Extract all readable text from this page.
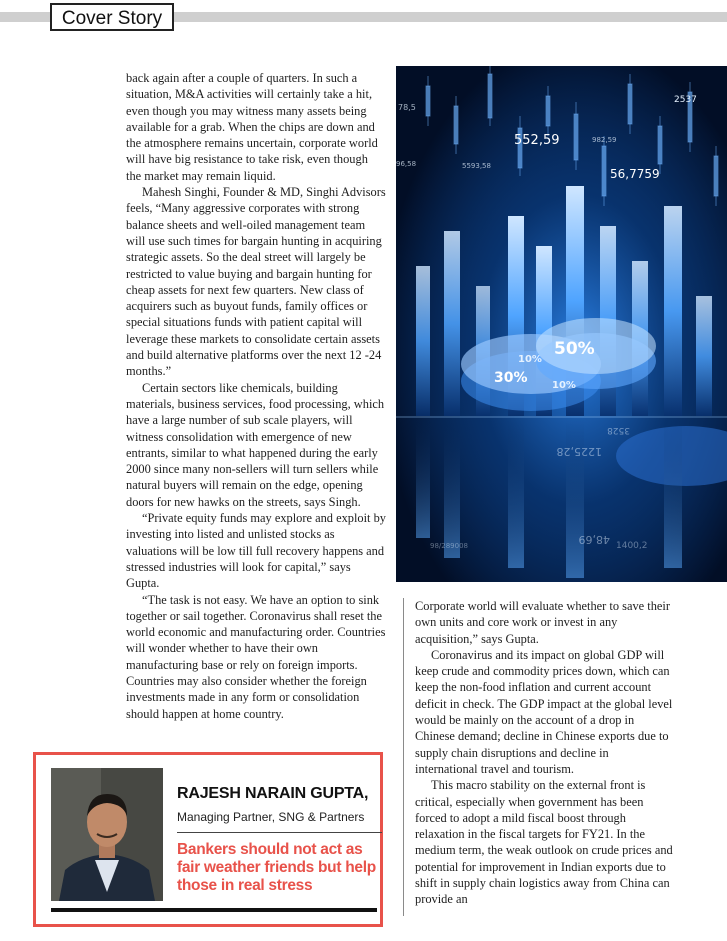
Cover Story

back again after a couple of quarters. In such a situation, M&A activities will certainly take a hit, even though you may witness many assets being available for a grab. When the chips are down and the atmosphere remains uncertain, corporate world will have big resistance to take risk, even though the market may remain liquid.

Mahesh Singhi, Founder & MD, Singhi Advisors feels, “Many aggressive corporates with strong balance sheets and well-oiled management team will use such times for bargain hunting in acquiring strategic assets. So the deal street will largely be restricted to value buying and bargain hunting for cheap assets for next few quarters. New class of acquirers such as buyout funds, family offices or special situations funds with patient capital will leverage these markets to consolidate certain assets and build alternative platforms over the next 12 -24 months.”

Certain sectors like chemicals, building materials, business services, food processing, which have a large number of sub scale players, will witness consolidation with emergence of new entrants, similar to what happened during the early 2000 since many non-sellers will turn sellers while natural buyers will remain on the edge, opening doors for new hawks on the streets, says Singh.

“Private equity funds may explore and exploit by investing into listed and unlisted stocks as valuations will be low till full recovery happens and stressed industries will look for capital,” says Gupta.

“The task is not easy. We have an option to sink together or sail together. Coronavirus shall reset the world economic and manufacturing order. Countries will wonder whether to have their own manufacturing base or rely on foreign imports. Countries may also consider whether the foreign investments made in any form or consolidation should happen at home country.

552,59
56,7759
2537
50%
30%
10%
10%
78,5
5593,58
96,58
982,59
1225,28
3528
1400,2
48,69
98/289008

Corporate world will evaluate whether to save their own units and core work or invest in any acquisition,” says Gupta.

Coronavirus and its impact on global GDP will keep crude and commodity prices down, which can keep the non-food inflation and current account deficit in check. The GDP impact at the global level would be mainly on the account of a drop in Chinese demand; decline in Chinese exports due to supply chain disruptions and decline in international travel and tourism.

This macro stability on the external front is critical, especially when government has been forced to adopt a mild fiscal boost through relaxation in the fiscal targets for FY21. In the medium term, the weak outlook on crude prices and potential for improvement in Indian exports due to shift in supply chain logistics away from China can provide an

RAJESH NARAIN GUPTA,
Managing Partner, SNG & Partners
Bankers should not act as fair weather friends but help those in real stress
